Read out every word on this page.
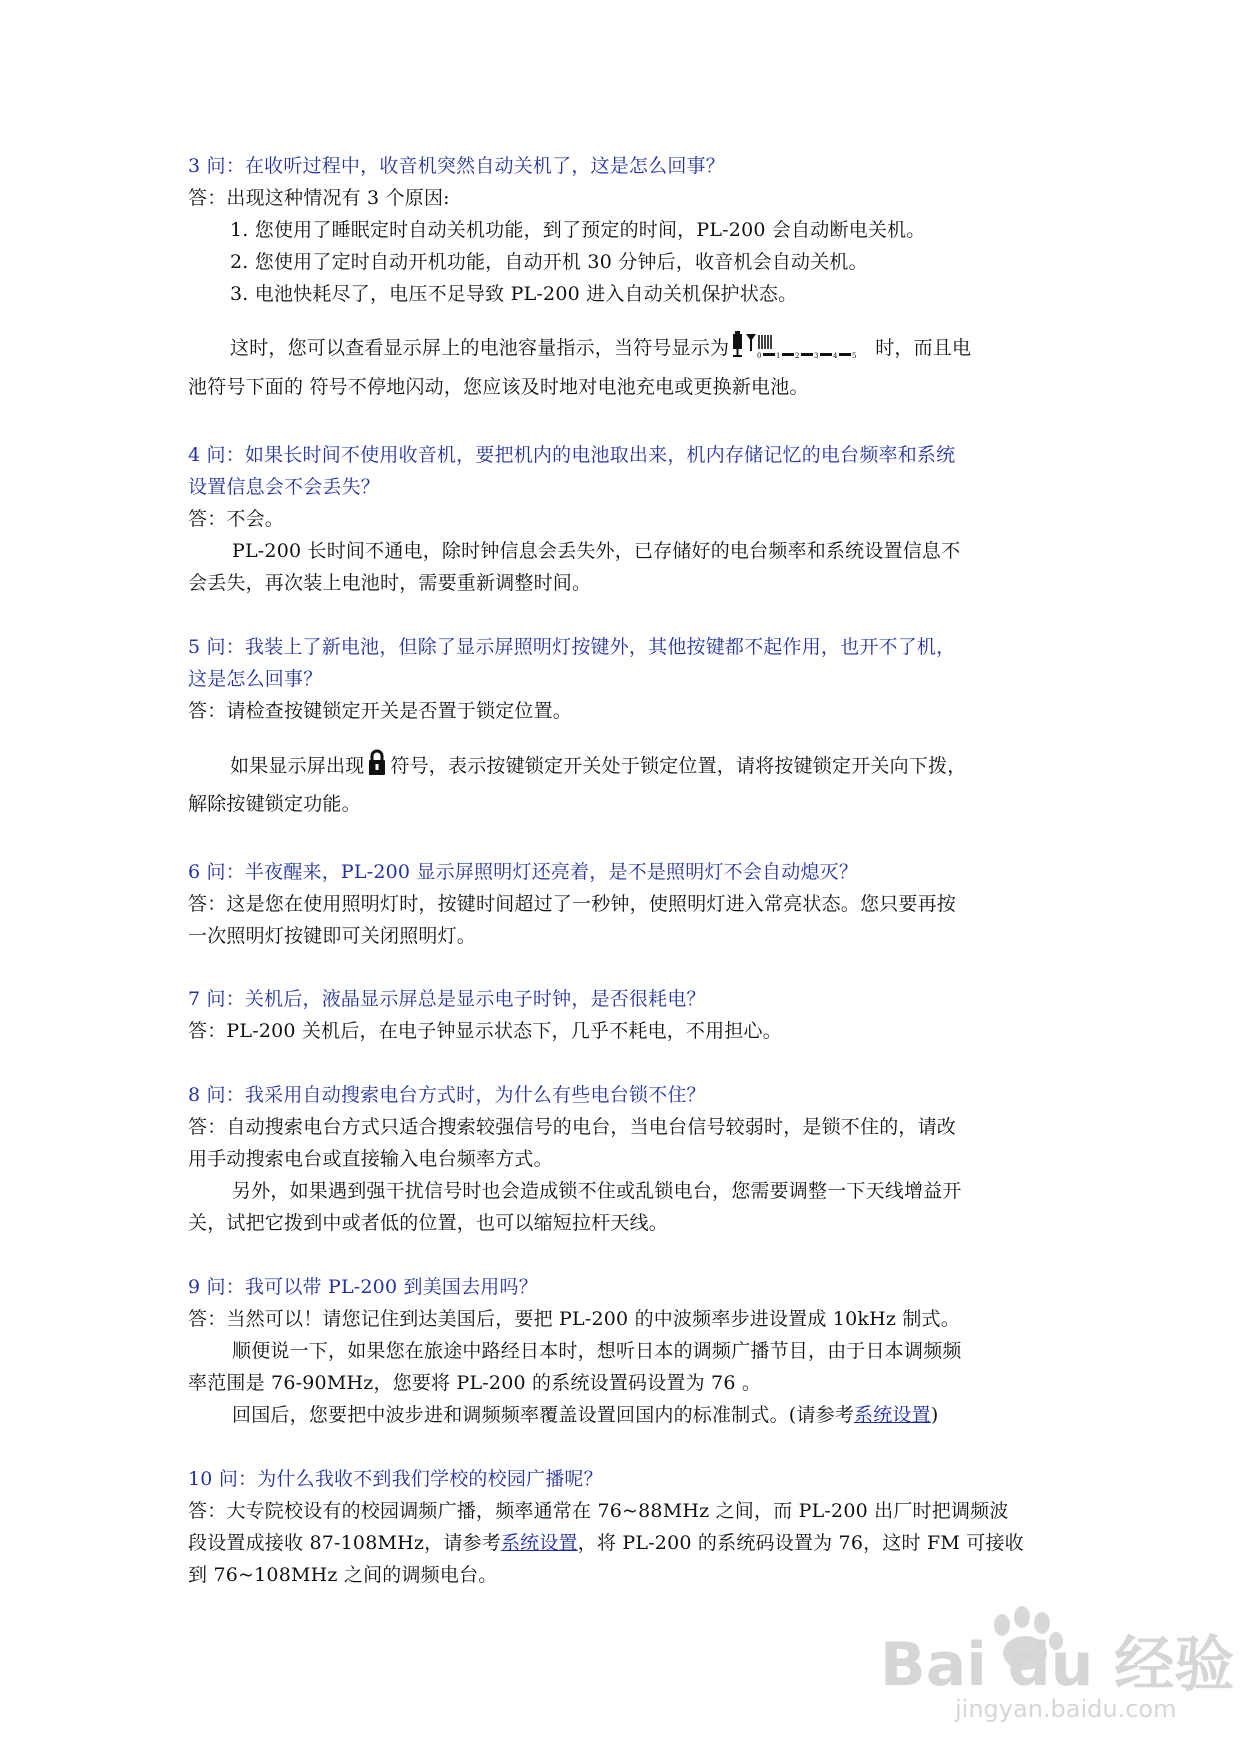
3 问：在收听过程中，收音机突然自动关机了，这是怎么回事？
答：出现这种情况有 3 个原因:
1. 您使用了睡眠定时自动关机功能，到了预定的时间，PL-200 会自动断电关机。
2. 您使用了定时自动开机功能，自动开机 30 分钟后，收音机会自动关机。
3. 电池快耗尽了，电压不足导致 PL-200 进入自动关机保护状态。
这时，您可以查看显示屏上的电池容量指示，当符号显示为	0 1 2 3 4 5 时，而且电
池符号下面的 符号不停地闪动，您应该及时地对电池充电或更换新电池。
4 问：如果长时间不使用收音机，要把机内的电池取出来，机内存储记忆的电台频率和系统
设置信息会不会丢失？
答：不会。
PL-200 长时间不通电，除时钟信息会丢失外，已存储好的电台频率和系统设置信息不
会丢失，再次装上电池时，需要重新调整时间。
5 问：我装上了新电池，但除了显示屏照明灯按键外，其他按键都不起作用，也开不了机，
这是怎么回事？
答：请检查按键锁定开关是否置于锁定位置。
如果显示屏出现 符号，表示按键锁定开关处于锁定位置，请将按键锁定开关向下拨，
解除按键锁定功能。
6 问：半夜醒来，PL-200 显示屏照明灯还亮着，是不是照明灯不会自动熄灭？
答：这是您在使用照明灯时，按键时间超过了一秒钟，使照明灯进入常亮状态。您只要再按
一次照明灯按键即可关闭照明灯。
7 问：关机后，液晶显示屏总是显示电子时钟，是否很耗电？
答：PL-200 关机后，在电子钟显示状态下，几乎不耗电，不用担心。
8 问：我采用自动搜索电台方式时，为什么有些电台锁不住？
答：自动搜索电台方式只适合搜索较强信号的电台，当电台信号较弱时，是锁不住的，请改
用手动搜索电台或直接输入电台频率方式。
另外，如果遇到强干扰信号时也会造成锁不住或乱锁电台，您需要调整一下天线增益开
关，试把它拨到中或者低的位置，也可以缩短拉杆天线。
9 问：我可以带 PL-200 到美国去用吗？
答：当然可以！请您记住到达美国后，要把 PL-200 的中波频率步进设置成 10kHz 制式。
顺便说一下，如果您在旅途中路经日本时，想听日本的调频广播节目，由于日本调频频
率范围是 76-90MHz，您要将 PL-200 的系统设置码设置为 76 。
回国后，您要把中波步进和调频频率覆盖设置回国内的标准制式。(请参考系统设置)
10 问：为什么我收不到我们学校的校园广播呢？
答：大专院校设有的校园调频广播，频率通常在 76~88MHz 之间，而 PL-200 出厂时把调频波
段设置成接收 87-108MHz，请参考系统设置，将 PL-200 的系统码设置为 76，这时 FM 可接收
到 76~108MHz 之间的调频电台。
Bai du 经验
jingyan.baidu.com
